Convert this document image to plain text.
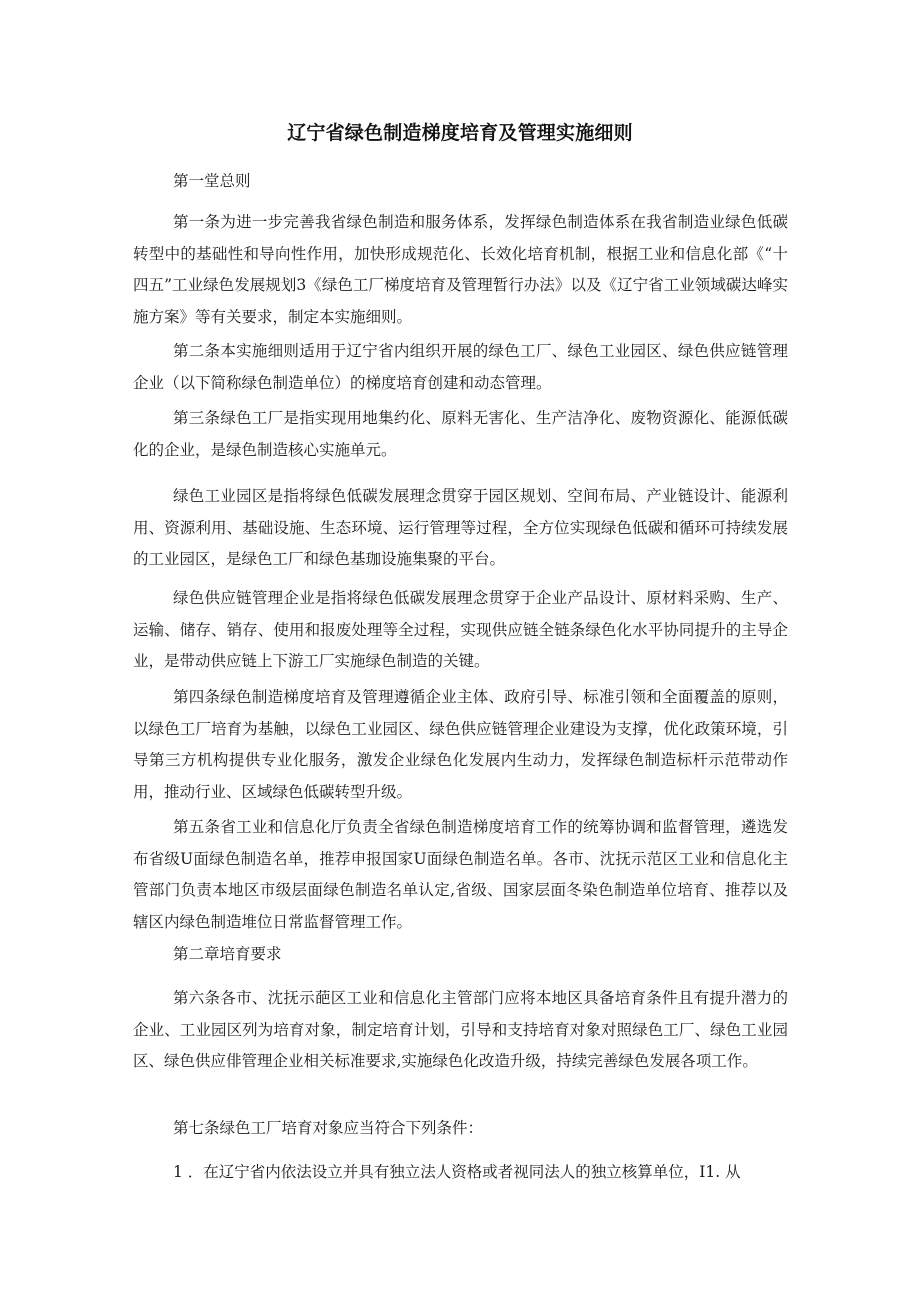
辽宁省绿色制造梯度培育及管理实施细则
第一堂总则
第一条为进一步完善我省绿色制造和服务体系，发挥绿色制造体系在我省制造业绿色低碳转型中的基础性和导向性作用，加快形成规范化、长效化培育机制，根据工业和信息化部《“十四五”工业绿色发展规划3《绿色工厂梯度培育及管理暂行办法》以及《辽宁省工业领域碳达峰实施方案》等有关要求，制定本实施细则。
第二条本实施细则适用于辽宁省内组织开展的绿色工厂、绿色工业园区、绿色供应链管理企业（以下简称绿色制造单位）的梯度培育创建和动态管理。
第三条绿色工厂是指实现用地集约化、原料无害化、生产洁净化、废物资源化、能源低碳化的企业，是绿色制造核心实施单元。
绿色工业园区是指将绿色低碳发展理念贯穿于园区规划、空间布局、产业链设计、能源利用、资源利用、基础设施、生态环境、运行管理等过程，全方位实现绿色低碳和循环可持续发展的工业园区，是绿色工厂和绿色基珈设施集聚的平台。
绿色供应链管理企业是指将绿色低碳发展理念贯穿于企业产品设计、原材料采购、生产、运输、储存、销存、使用和报废处理等全过程，实现供应链全链条绿色化水平协同提升的主导企业，是带动供应链上下游工厂实施绿色制造的关键。
第四条绿色制造梯度培育及管理遵循企业主体、政府引导、标准引领和全面覆盖的原则，以绿色工厂培育为基触，以绿色工业园区、绿色供应链管理企业建设为支撑，优化政策环境，引导第三方机构提供专业化服务，激发企业绿色化发展内生动力，发挥绿色制造标杆示范带动作用，推动行业、区域绿色低碳转型升级。
第五条省工业和信息化厅负责全省绿色制造梯度培育工作的统筹协调和监督管理，遴选发布省级U面绿色制造名单，推荐申报国家U面绿色制造名单。各市、沈抚示范区工业和信息化主管部门负责本地区市级层面绿色制造名单认定,省级、国家层面冬染色制造单位培育、推荐以及辖区内绿色制造堆位日常监督管理工作。
第二章培育要求
第六条各市、沈抚示葩区工业和信息化主管部门应将本地区具备培育条件且有提升潜力的企业、工业园区列为培育对象，制定培育计划，引导和支持培育对象对照绿色工厂、绿色工业园区、绿色供应俳管理企业相关标准要求,实施绿色化改造升级，持续完善绿色发展各项工作。
第七条绿色工厂培育对象应当符合下列条件：
1 ．在辽宁省内依法设立并具有独立法人资格或者视同法人的独立核算单位，I1. 从
